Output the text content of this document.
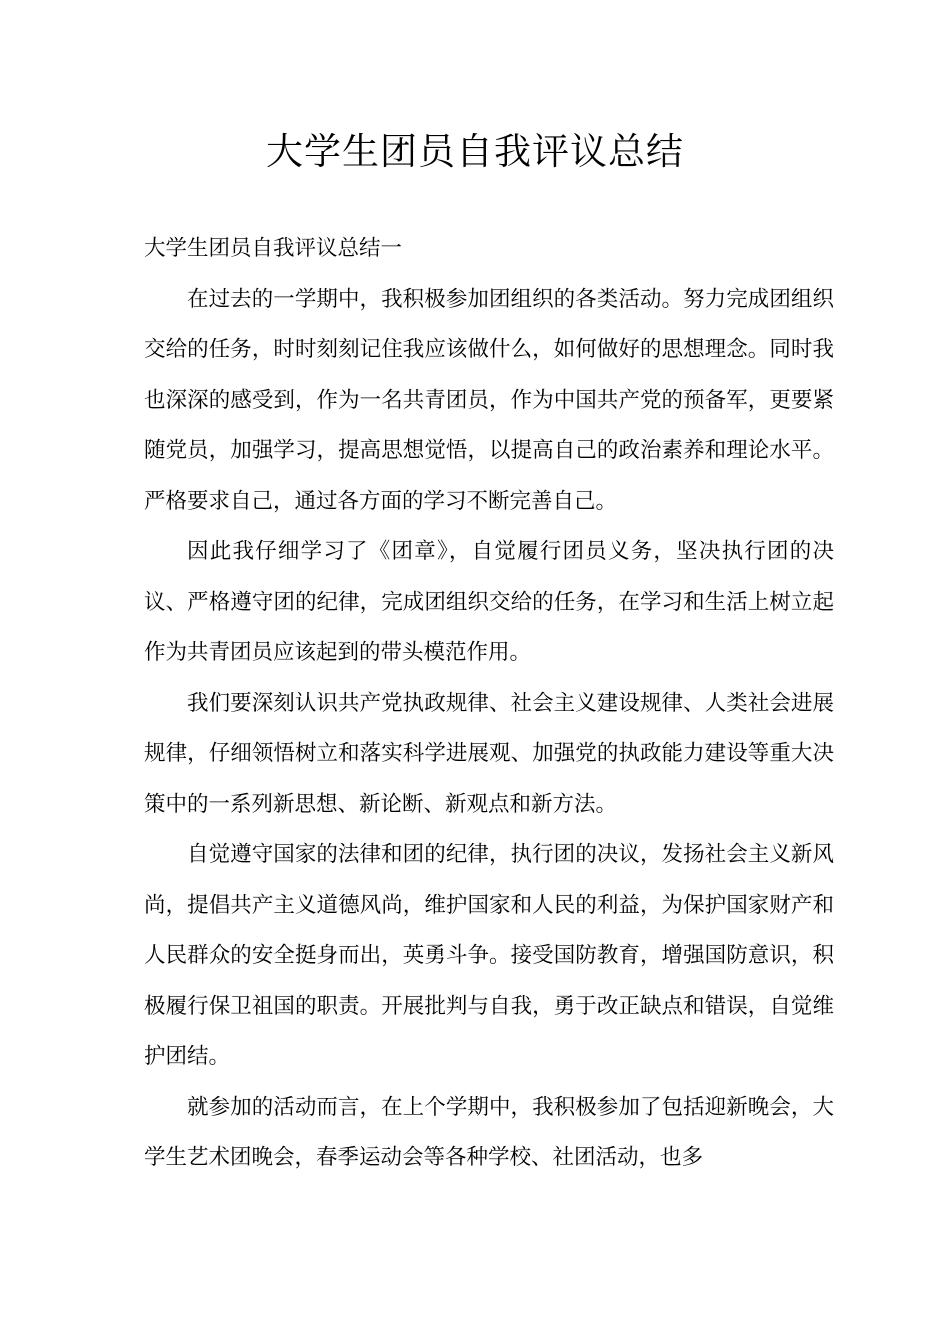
大学生团员自我评议总结

大学生团员自我评议总结一

在过去的一学期中，我积极参加团组织的各类活动。努力完成团组织交给的任务，时时刻刻记住我应该做什么，如何做好的思想理念。同时我也深深的感受到，作为一名共青团员，作为中国共产党的预备军，更要紧随党员，加强学习，提高思想觉悟，以提高自己的政治素养和理论水平。严格要求自己，通过各方面的学习不断完善自己。

因此我仔细学习了《团章》，自觉履行团员义务，坚决执行团的决议、严格遵守团的纪律，完成团组织交给的任务，在学习和生活上树立起作为共青团员应该起到的带头模范作用。

我们要深刻认识共产党执政规律、社会主义建设规律、人类社会进展规律，仔细领悟树立和落实科学进展观、加强党的执政能力建设等重大决策中的一系列新思想、新论断、新观点和新方法。

自觉遵守国家的法律和团的纪律，执行团的决议，发扬社会主义新风尚，提倡共产主义道德风尚，维护国家和人民的利益，为保护国家财产和人民群众的安全挺身而出，英勇斗争。接受国防教育，增强国防意识，积极履行保卫祖国的职责。开展批判与自我，勇于改正缺点和错误，自觉维护团结。

就参加的活动而言，在上个学期中，我积极参加了包括迎新晚会，大学生艺术团晚会，春季运动会等各种学校、社团活动，也多
